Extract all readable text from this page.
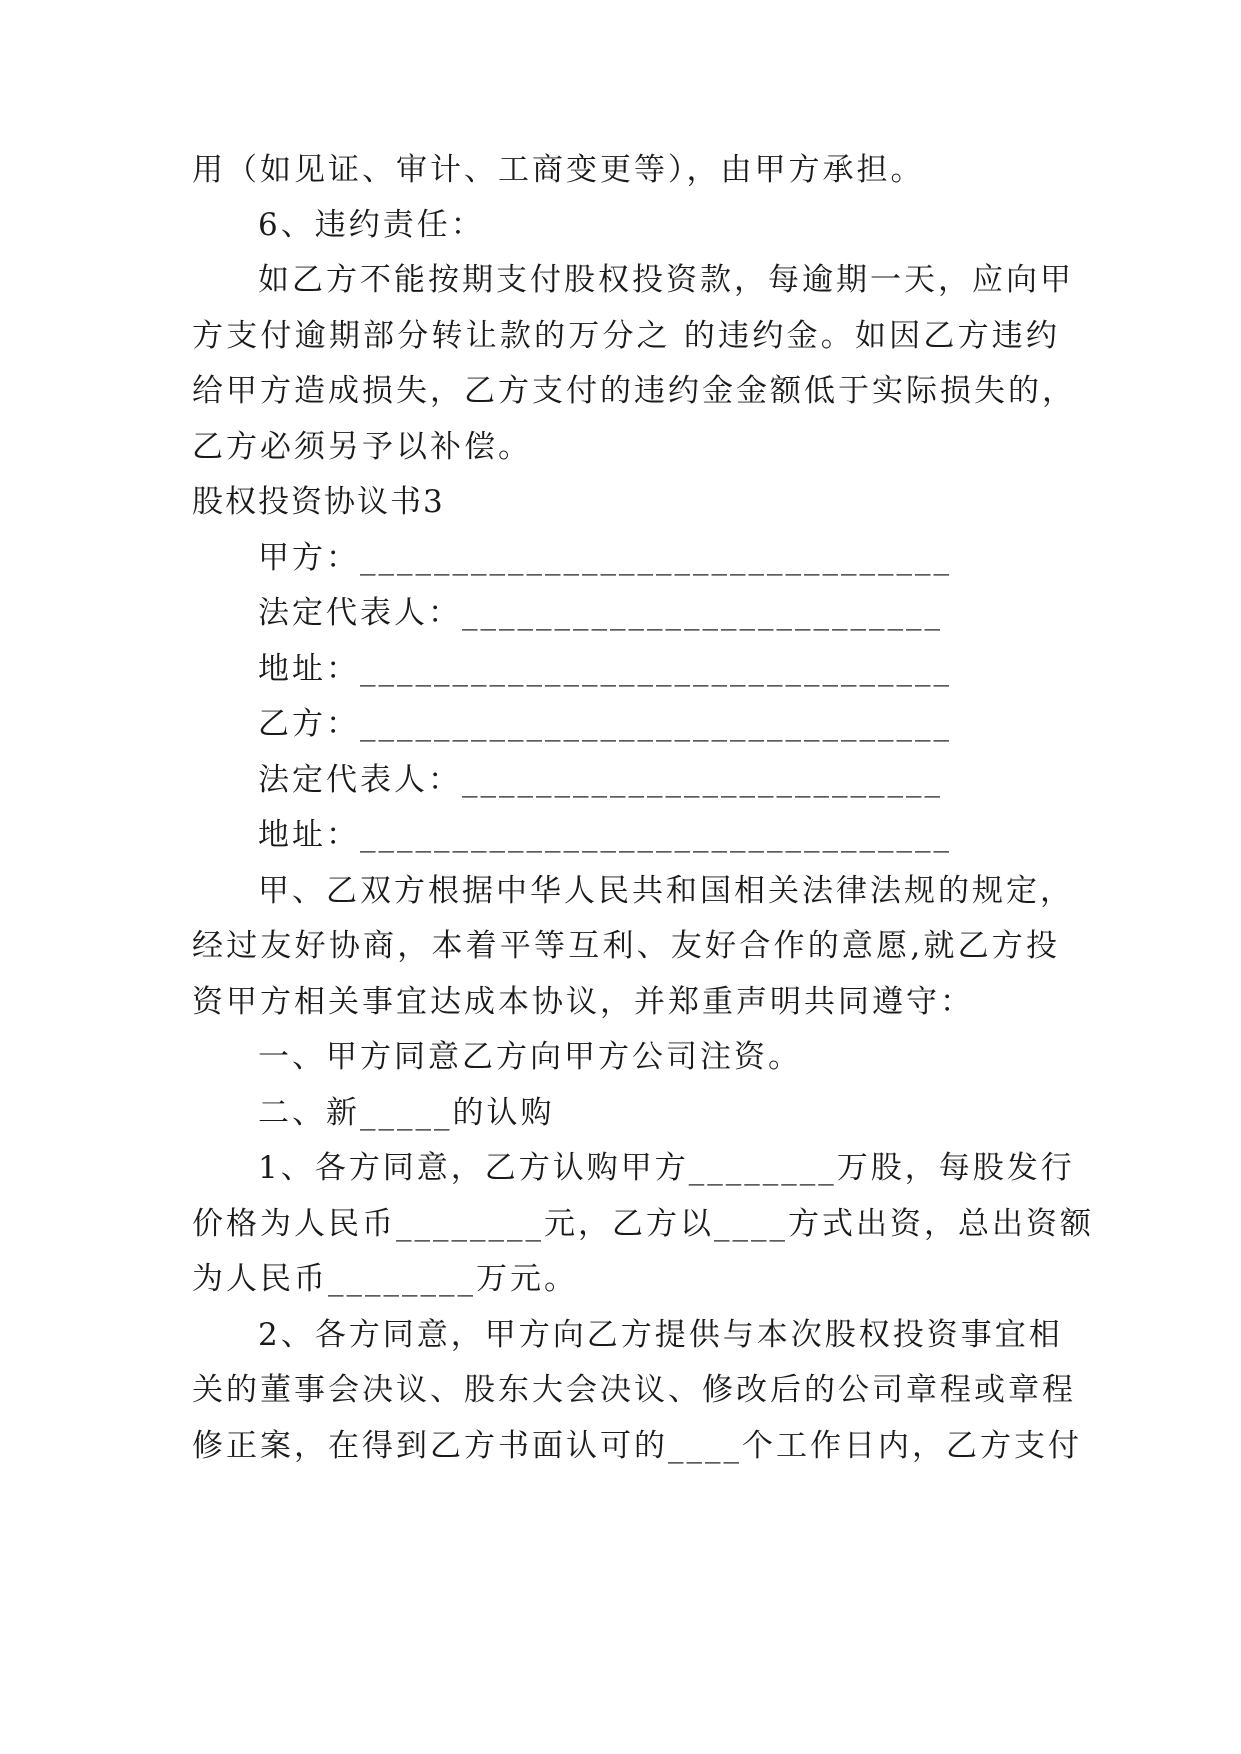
用（如见证、审计、工商变更等），由甲方承担。
6、违约责任：
如乙方不能按期支付股权投资款，每逾期一天，应向甲
方支付逾期部分转让款的万分之 的违约金。如因乙方违约
给甲方造成损失，乙方支付的违约金金额低于实际损失的，
乙方必须另予以补偿。
股权投资协议书3
甲方：________________________________
法定代表人：__________________________
地址：________________________________
乙方：________________________________
法定代表人：__________________________
地址：________________________________
甲、乙双方根据中华人民共和国相关法律法规的规定，
经过友好协商，本着平等互利、友好合作的意愿,就乙方投
资甲方相关事宜达成本协议，并郑重声明共同遵守：
一、甲方同意乙方向甲方公司注资。
二、新_____的认购
1、各方同意，乙方认购甲方________万股，每股发行
价格为人民币________元，乙方以____方式出资，总出资额
为人民币________万元。
2、各方同意，甲方向乙方提供与本次股权投资事宜相
关的董事会决议、股东大会决议、修改后的公司章程或章程
修正案，在得到乙方书面认可的____个工作日内，乙方支付
